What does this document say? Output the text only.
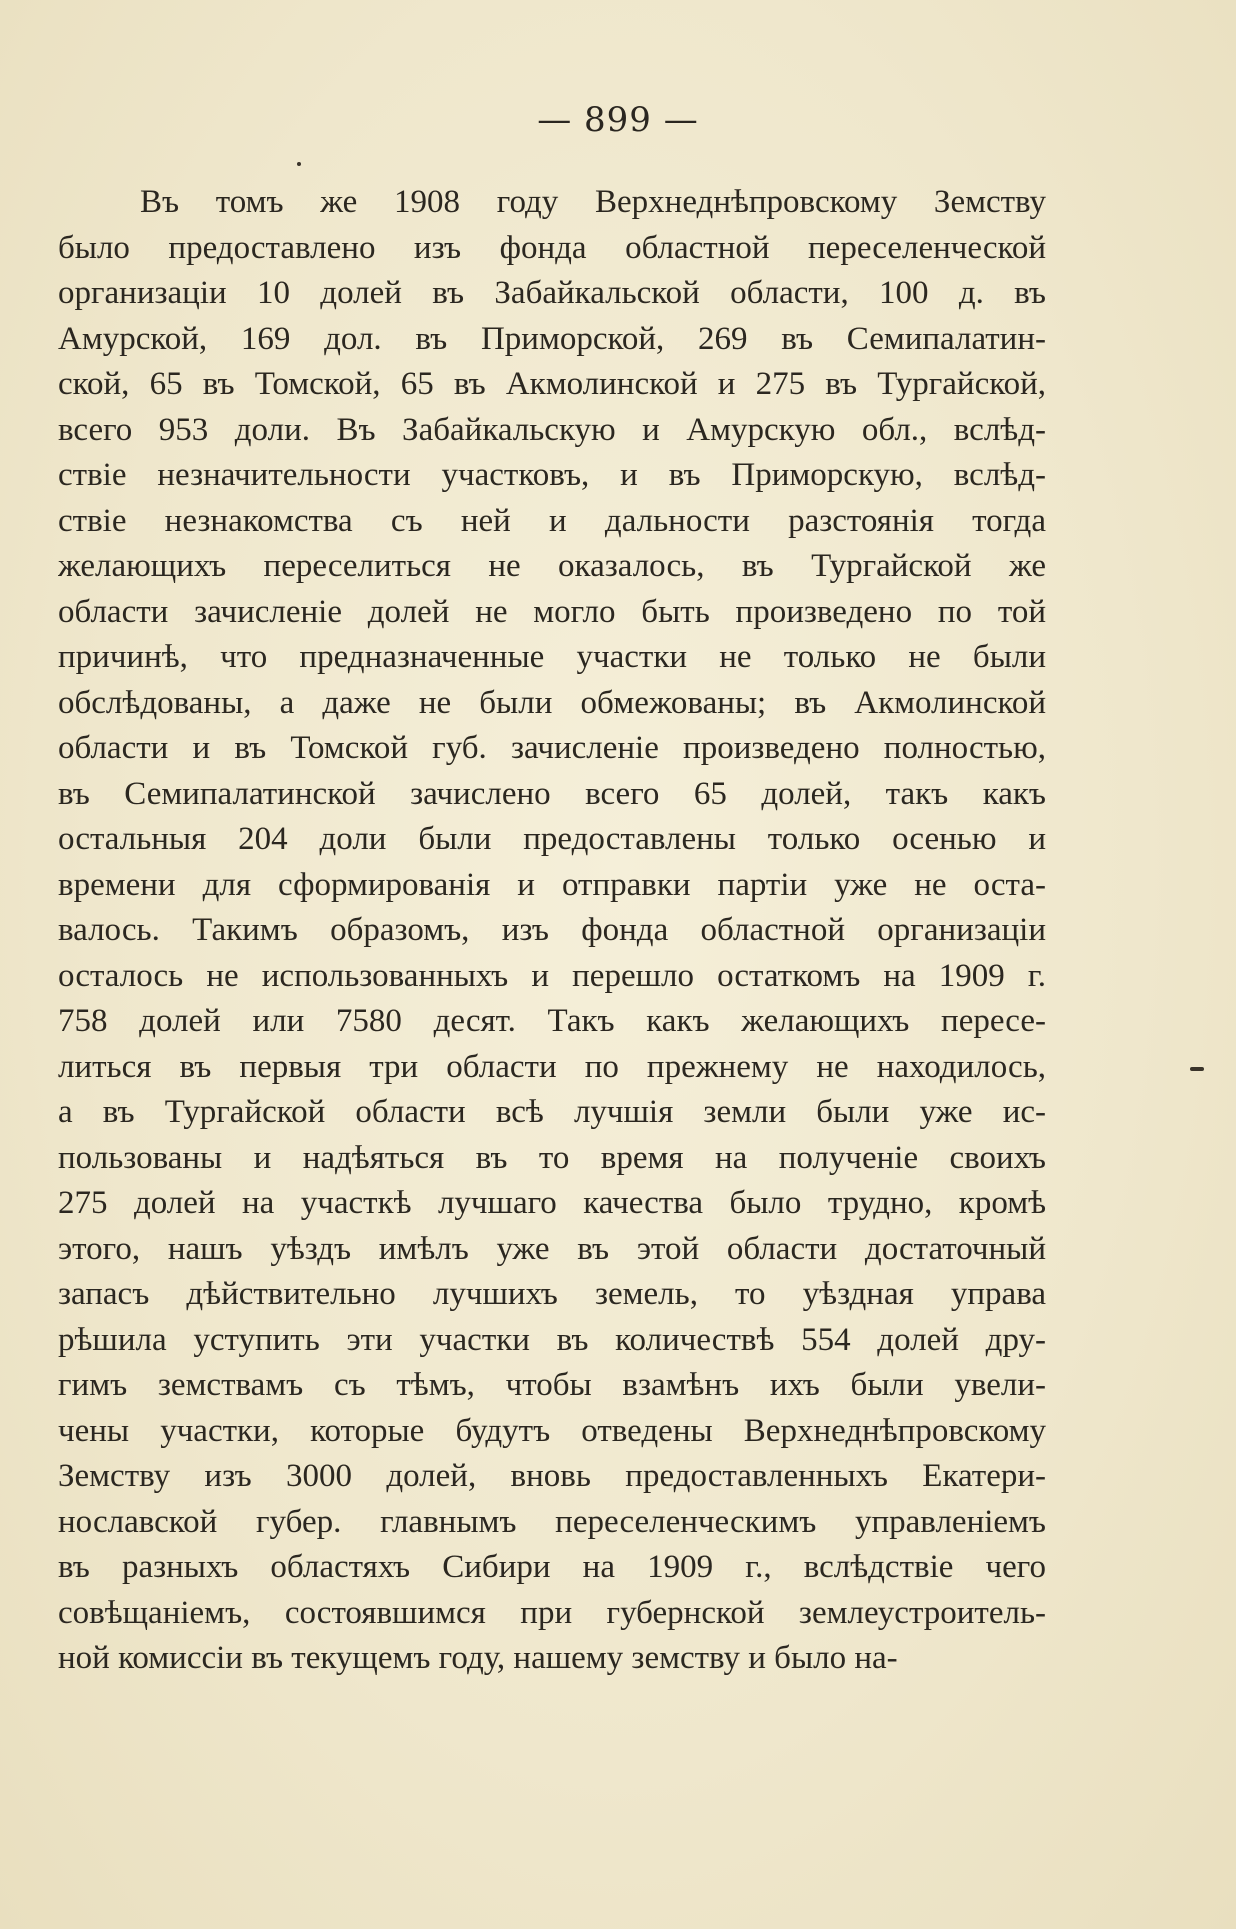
— 899 —
Въ томъ же 1908 году Верхнеднѣпровскому Земству
было предоставлено изъ фонда областной переселенческой
организацiи 10 долей въ Забайкальской области, 100 д. въ
Амурской, 169 дол. въ Приморской, 269 въ Семипалатин-
ской, 65 въ Томской, 65 въ Акмолинской и 275 въ Тургайской,
всего 953 доли. Въ Забайкальскую и Амурскую обл., вслѣд-
ствiе незначительности участковъ, и въ Приморскую, вслѣд-
ствiе незнакомства съ ней и дальности разстоянiя тогда
желающихъ переселиться не оказалось, въ Тургайской же
области зачисленiе долей не могло быть произведено по той
причинѣ, что предназначенные участки не только не были
обслѣдованы, а даже не были обмежованы; въ Акмолинской
области и въ Томской губ. зачисленiе произведено полностью,
въ Семипалатинской зачислено всего 65 долей, такъ какъ
остальныя 204 доли были предоставлены только осенью и
времени для сформированiя и отправки партiи уже не оста-
валось. Такимъ образомъ, изъ фонда областной организацiи
осталось не использованныхъ и перешло остаткомъ на 1909 г.
758 долей или 7580 десят. Такъ какъ желающихъ пересе-
литься въ первыя три области по прежнему не находилось,
а въ Тургайской области всѣ лучшiя земли были уже ис-
пользованы и надѣяться въ то время на полученiе своихъ
275 долей на участкѣ лучшаго качества было трудно, кромѣ
этого, нашъ уѣздъ имѣлъ уже въ этой области достаточный
запасъ дѣйствительно лучшихъ земель, то уѣздная управа
рѣшила уступить эти участки въ количествѣ 554 долей дру-
гимъ земствамъ съ тѣмъ, чтобы взамѣнъ ихъ были увели-
чены участки, которые будутъ отведены Верхнеднѣпровскому
Земству изъ 3000 долей, вновь предоставленныхъ Екатери-
нославской губер. главнымъ переселенческимъ управленiемъ
въ разныхъ областяхъ Сибири на 1909 г., вслѣдствiе чего
совѣщанiемъ, состоявшимся при губернской землеустроитель-
ной комиссiи въ текущемъ году, нашему земству и было на-
